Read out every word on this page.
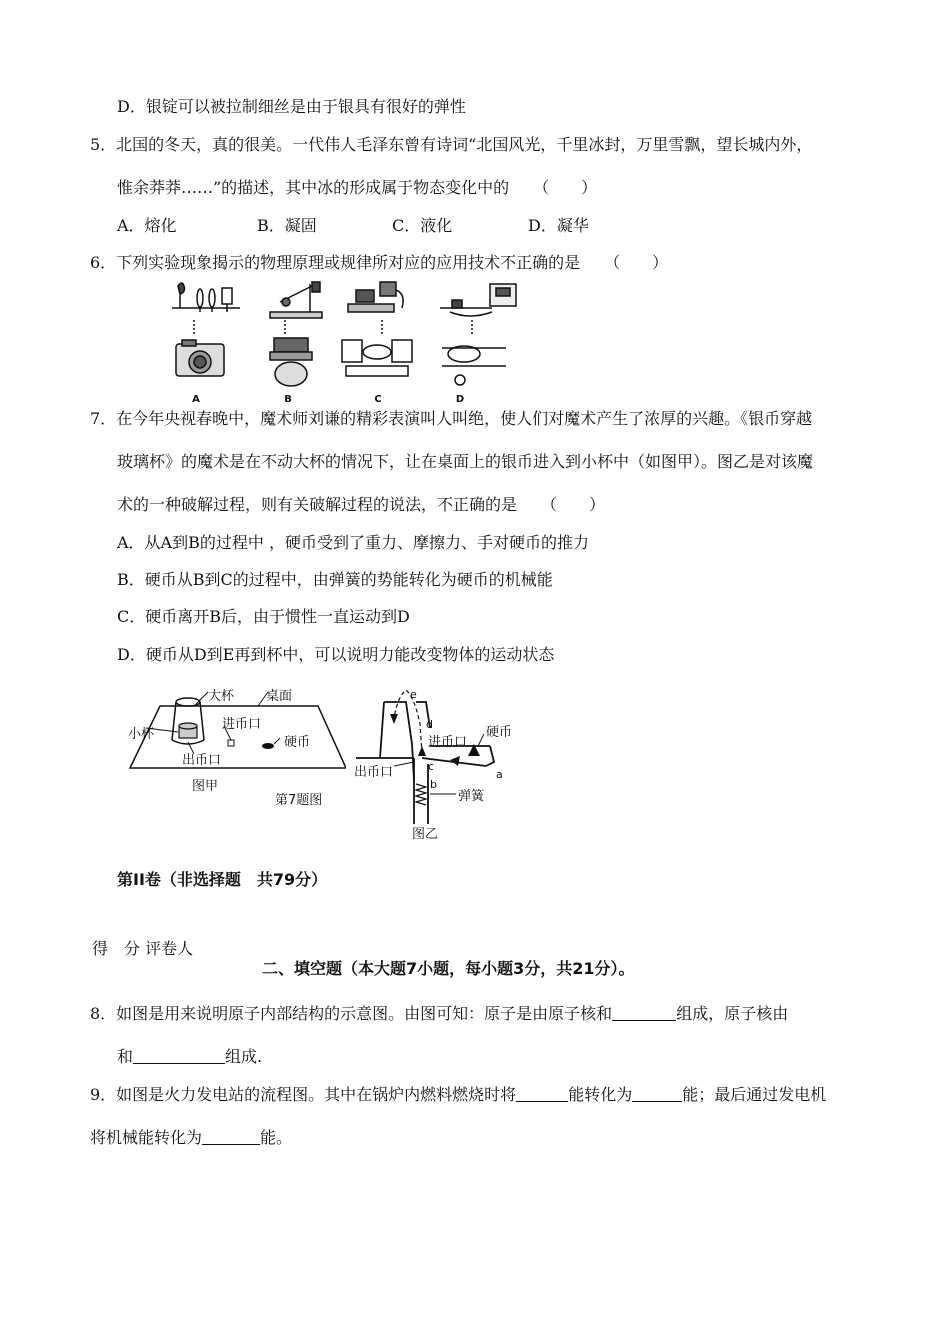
D．银锭可以被拉制细丝是由于银具有很好的弹性
5．北国的冬天，真的很美。一代伟人毛泽东曾有诗词“北国风光，千里冰封，万里雪飘，望长城内外，
惟余莽莽……”的描述，其中冰的形成属于物态变化中的　　（　　）
A．熔化	B．凝固	C．液化	D．凝华
6．下列实验现象揭示的物理原理或规律所对应的应用技术不正确的是　　（　　）
A	B	C	D
7．在今年央视春晚中，魔术师刘谦的精彩表演叫人叫绝，使人们对魔术产生了浓厚的兴趣。《银币穿越
玻璃杯》的魔术是在不动大杯的情况下，让在桌面上的银币进入到小杯中（如图甲）。图乙是对该魔
术的一种破解过程，则有关破解过程的说法，不正确的是　　（　　）
A．从A到B的过程中 ，硬币受到了重力、摩擦力、手对硬币的推力
B．硬币从B到C的过程中，由弹簧的势能转化为硬币的机械能
C．硬币离开B后，由于惯性一直运动到D
D．硬币从D到E再到杯中，可以说明力能改变物体的运动状态
大杯 桌面
小杯
进币口
硬币
出币口
图甲
第7题图
e
d
进币口
硬币
出币口	c
a
b
弹簧
图乙
第II卷（非选择题　共79分）
得　分 评卷人
二、填空题（本大题7小题，每小题3分，共21分）。
8．如图是用来说明原子内部结构的示意图。由图可知：原子是由原子核和	组成，原子核由
和	组成.
9．如图是火力发电站的流程图。其中在锅炉内燃料燃烧时将	能转化为	能；最后通过发电机
将机械能转化为	能。
